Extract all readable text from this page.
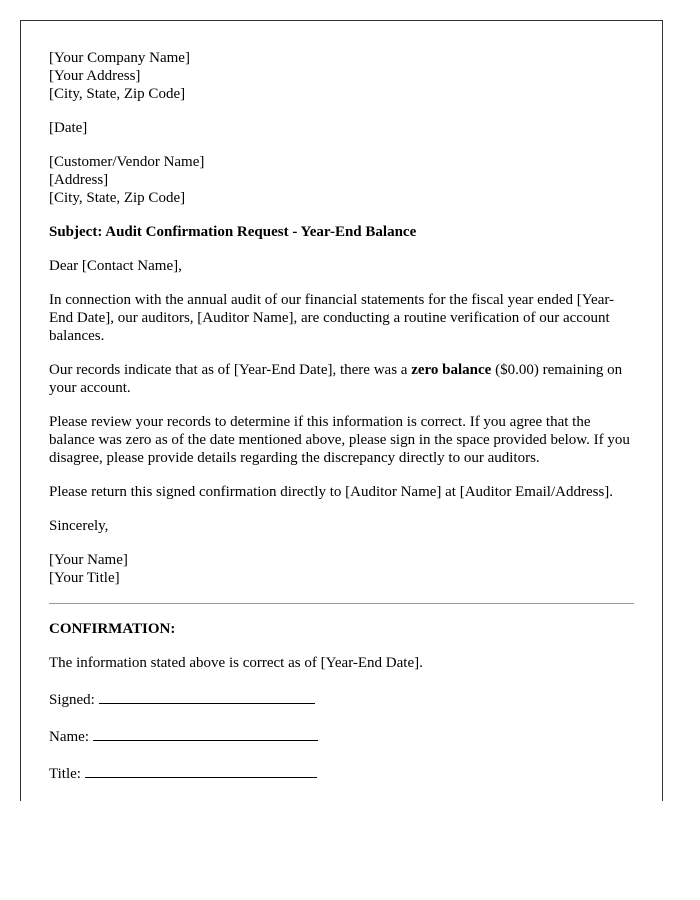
[Your Company Name]
[Your Address]
[City, State, Zip Code]

[Date]

[Customer/Vendor Name]
[Address]
[City, State, Zip Code]

Subject: Audit Confirmation Request - Year-End Balance

Dear [Contact Name],

In connection with the annual audit of our financial statements for the fiscal year ended [Year-End Date], our auditors, [Auditor Name], are conducting a routine verification of our account balances.

Our records indicate that as of [Year-End Date], there was a zero balance ($0.00) remaining on your account.

Please review your records to determine if this information is correct. If you agree that the balance was zero as of the date mentioned above, please sign in the space provided below. If you disagree, please provide details regarding the discrepancy directly to our auditors.

Please return this signed confirmation directly to [Auditor Name] at [Auditor Email/Address].

Sincerely,

[Your Name]
[Your Title]

CONFIRMATION:

The information stated above is correct as of [Year-End Date].

Signed:

Name:

Title:
